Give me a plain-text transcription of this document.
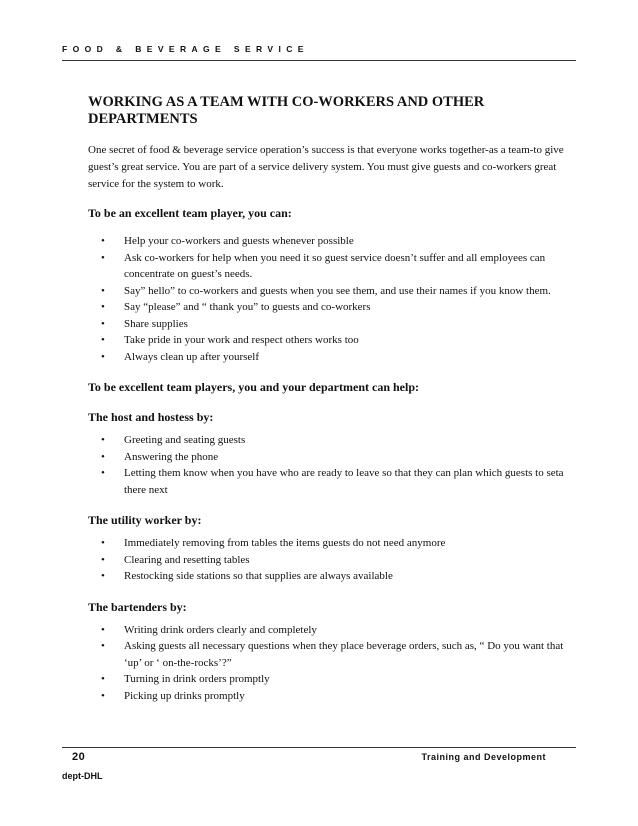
FOOD & BEVERAGE SERVICE
WORKING AS A TEAM WITH CO-WORKERS AND OTHER DEPARTMENTS

One secret of food & beverage service operation’s success is that everyone works together-as a team-to give guest’s great service. You are part of a service delivery system. You must give guests and co-workers great service for the system to work.

To be an excellent team player, you can:
• Help your co-workers and guests whenever possible
• Ask co-workers for help when you need it so guest service doesn’t suffer and all employees can concentrate on guest’s needs.
• Say” hello” to co-workers and guests when you see them, and use their names if you know them.
• Say “please” and “ thank you” to guests and co-workers
• Share supplies
• Take pride in your work and respect others works too
• Always clean up after yourself
To be excellent team players, you and your department can help:
The host and hostess by:
• Greeting and seating guests
• Answering the phone
• Letting them know when you have who are ready to leave so that they can plan which guests to seta there next
The utility worker by:
• Immediately removing from tables the items guests do not need anymore
• Clearing and resetting tables
• Restocking side stations so that supplies are always available
The bartenders by:
• Writing drink orders clearly and completely
• Asking guests all necessary questions when they place beverage orders, such as, “ Do you want that ‘up’ or ‘ on-the-rocks’?”
• Turning in drink orders promptly
• Picking up drinks promptly
20	Training and Development
dept-DHL
